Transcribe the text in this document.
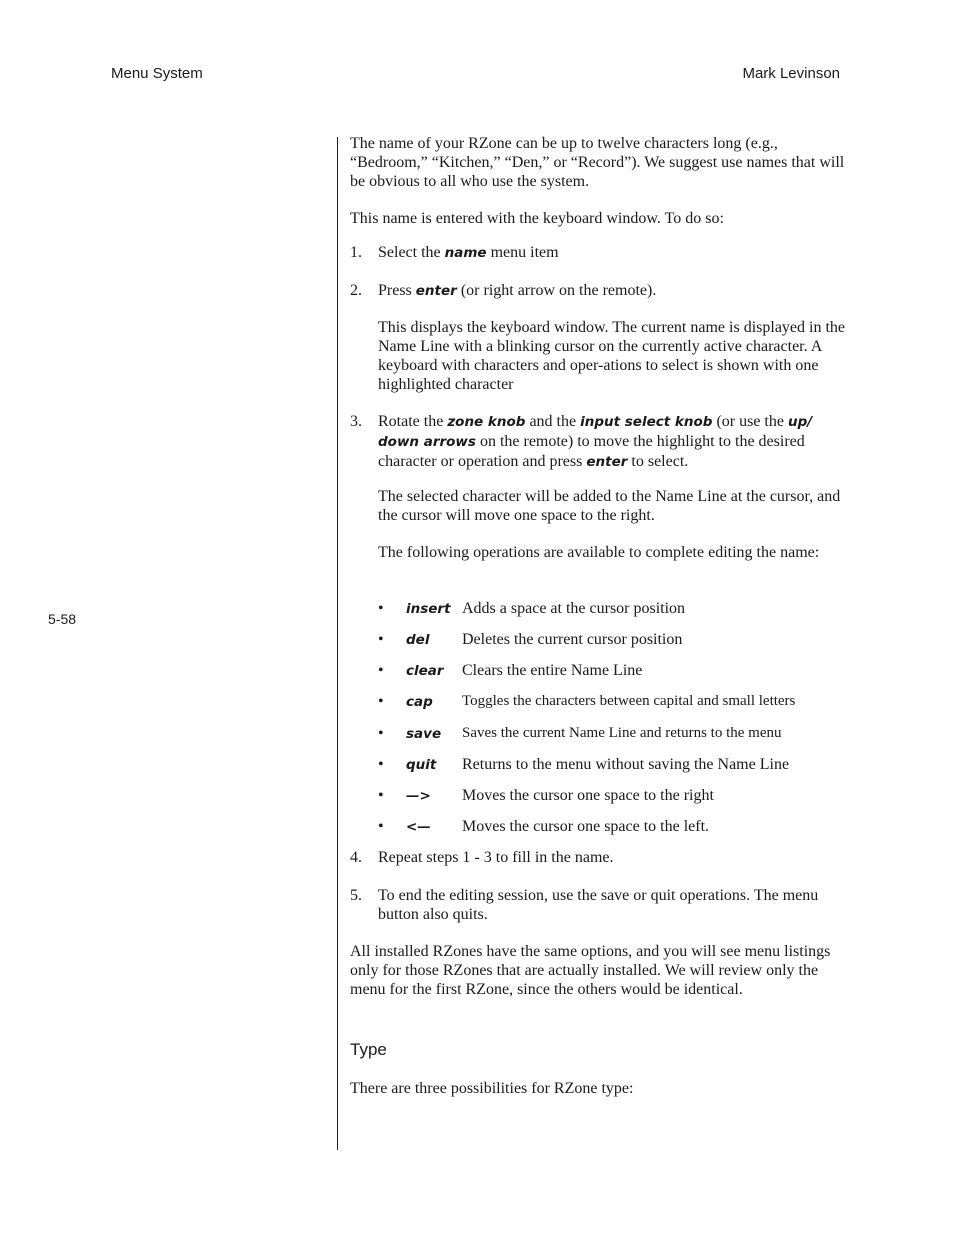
Menu System	Mark Levinson
5-58

The name of your RZone can be up to twelve characters long (e.g., “Bedroom,” “Kitchen,” “Den,” or “Record”). We suggest use names that will be obvious to all who use the system.

This name is entered with the keyboard window. To do so:

1. Select the name menu item
2. Press enter (or right arrow on the remote).

This displays the keyboard window. The current name is displayed in the Name Line with a blinking cursor on the currently active character. A keyboard with characters and oper-ations to select is shown with one highlighted character

3. Rotate the zone knob and the input select knob (or use the up/ down arrows on the remote) to move the highlight to the desired character or operation and press enter to select.

The selected character will be added to the Name Line at the cursor, and the cursor will move one space to the right.

The following operations are available to complete editing the name:

• insert Adds a space at the cursor position
• del Deletes the current cursor position
• clear Clears the entire Name Line
• cap Toggles the characters between capital and small letters
• save Saves the current Name Line and returns to the menu
• quit Returns to the menu without saving the Name Line
• —> Moves the cursor one space to the right
• <— Moves the cursor one space to the left.
4. Repeat steps 1 - 3 to fill in the name.
5. To end the editing session, use the save or quit operations. The menu button also quits.

All installed RZones have the same options, and you will see menu listings only for those RZones that are actually installed. We will review only the menu for the first RZone, since the others would be identical.

Type

There are three possibilities for RZone type:
